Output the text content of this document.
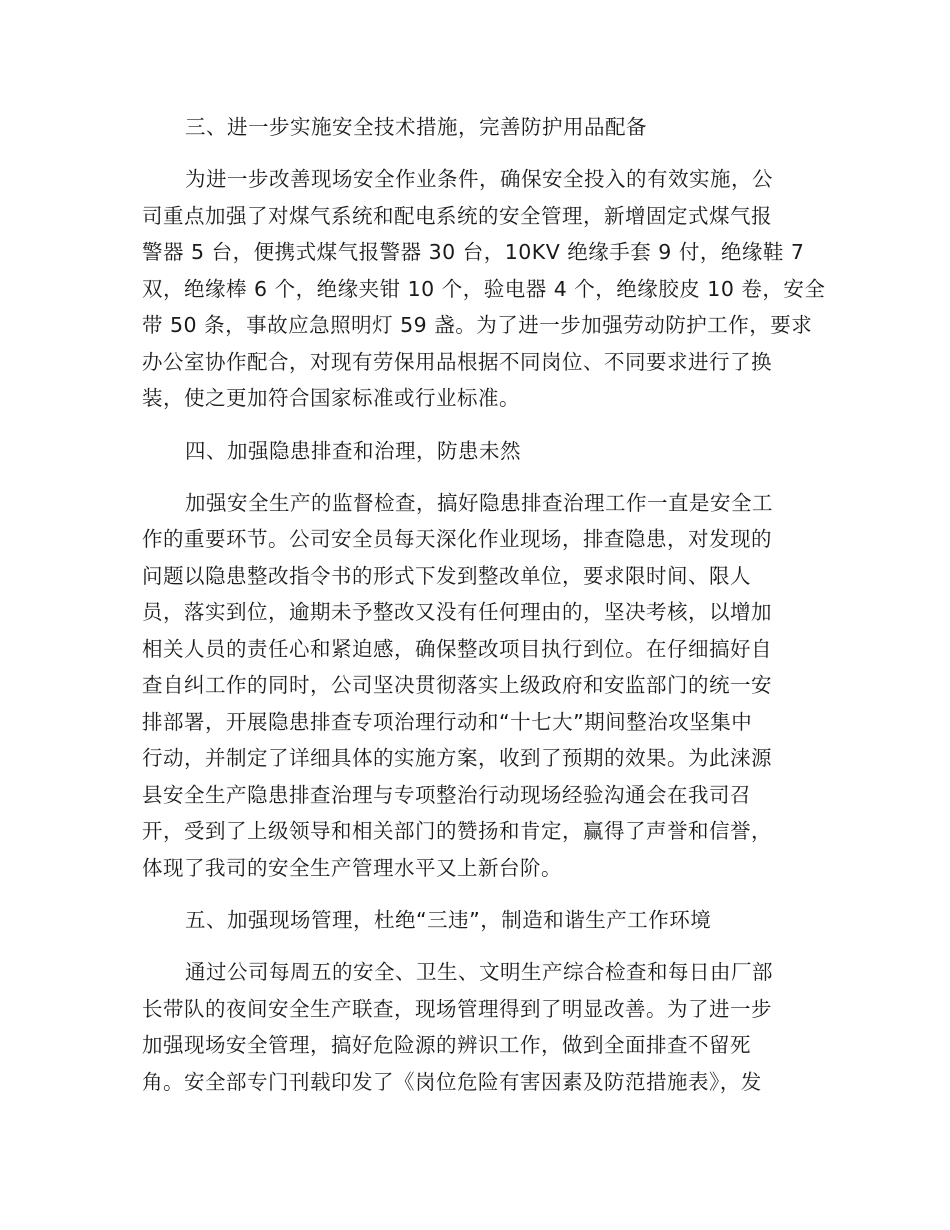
三、进一步实施安全技术措施，完善防护用品配备
为进一步改善现场安全作业条件，确保安全投入的有效实施，公
司重点加强了对煤气系统和配电系统的安全管理，新增固定式煤气报
警器 5 台，便携式煤气报警器 30 台，10KV 绝缘手套 9 付，绝缘鞋 7
双，绝缘棒 6 个，绝缘夹钳 10 个，验电器 4 个，绝缘胶皮 10 卷，安全
带 50 条，事故应急照明灯 59 盏。为了进一步加强劳动防护工作，要求
办公室协作配合，对现有劳保用品根据不同岗位、不同要求进行了换
装，使之更加符合国家标准或行业标准。
四、加强隐患排查和治理，防患未然
加强安全生产的监督检查，搞好隐患排查治理工作一直是安全工
作的重要环节。公司安全员每天深化作业现场，排查隐患，对发现的
问题以隐患整改指令书的形式下发到整改单位，要求限时间、限人
员，落实到位，逾期未予整改又没有任何理由的，坚决考核，以增加
相关人员的责任心和紧迫感，确保整改项目执行到位。在仔细搞好自
查自纠工作的同时，公司坚决贯彻落实上级政府和安监部门的统一安
排部署，开展隐患排查专项治理行动和“十七大”期间整治攻坚集中
行动，并制定了详细具体的实施方案，收到了预期的效果。为此涞源
县安全生产隐患排查治理与专项整治行动现场经验沟通会在我司召
开，受到了上级领导和相关部门的赞扬和肯定，赢得了声誉和信誉，
体现了我司的安全生产管理水平又上新台阶。
五、加强现场管理，杜绝“三违”，制造和谐生产工作环境
通过公司每周五的安全、卫生、文明生产综合检查和每日由厂部
长带队的夜间安全生产联查，现场管理得到了明显改善。为了进一步
加强现场安全管理，搞好危险源的辨识工作，做到全面排查不留死
角。安全部专门刊载印发了《岗位危险有害因素及防范措施表》，发
